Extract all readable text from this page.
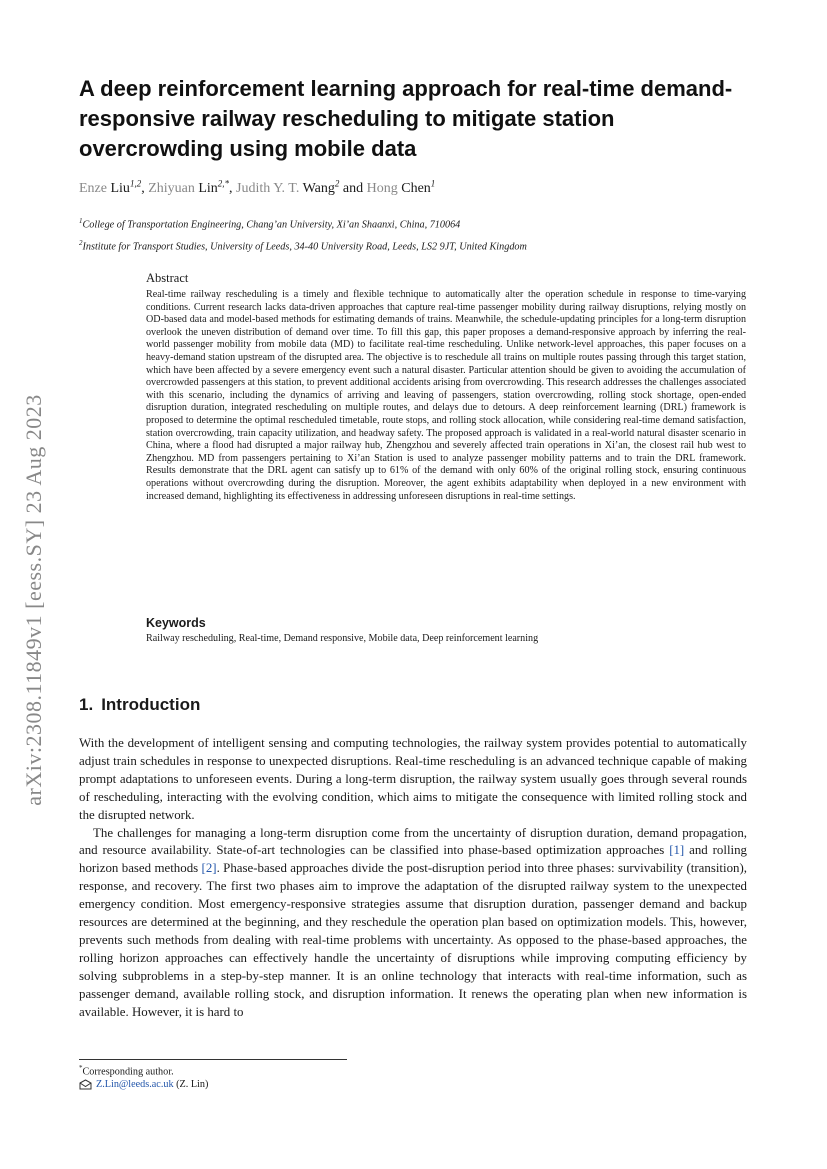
arXiv:2308.11849v1 [eess.SY] 23 Aug 2023
A deep reinforcement learning approach for real-time demand-responsive railway rescheduling to mitigate station overcrowding using mobile data
Enze Liu$^{1,2}$, Zhiyuan Lin$^{2,*}$, Judith Y. T. Wang$^2$ and Hong Chen$^1$
$^1$College of Transportation Engineering, Chang’an University, Xi’an Shaanxi, China, 710064
$^2$Institute for Transport Studies, University of Leeds, 34-40 University Road, Leeds, LS2 9JT, United Kingdom
Abstract

Real-time railway rescheduling is a timely and flexible technique to automatically alter the operation schedule in response to time-varying conditions. Current research lacks data-driven approaches that capture real-time passenger mobility during railway disruptions, relying mostly on OD-based data and model-based methods for estimating demands of trains. Meanwhile, the schedule-updating principles for a long-term disruption overlook the uneven distribution of demand over time. To fill this gap, this paper proposes a demand-responsive approach by inferring the real-world passenger mobility from mobile data (MD) to facilitate real-time rescheduling. Unlike network-level approaches, this paper focuses on a heavy-demand station upstream of the disrupted area. The objective is to reschedule all trains on multiple routes passing through this target station, which have been affected by a severe emergency event such a natural disaster. Particular attention should be given to avoiding the accumulation of overcrowded passengers at this station, to prevent additional accidents arising from overcrowding. This research addresses the challenges associated with this scenario, including the dynamics of arriving and leaving of passengers, station overcrowding, rolling stock shortage, open-ended disruption duration, integrated rescheduling on multiple routes, and delays due to detours. A deep reinforcement learning (DRL) framework is proposed to determine the optimal rescheduled timetable, route stops, and rolling stock allocation, while considering real-time demand satisfaction, station overcrowding, train capacity utilization, and headway safety. The proposed approach is validated in a real-world natural disaster scenario in China, where a flood had disrupted a major railway hub, Zhengzhou and severely affected train operations in Xi’an, the closest rail hub west to Zhengzhou. MD from passengers pertaining to Xi’an Station is used to analyze passenger mobility patterns and to train the DRL framework. Results demonstrate that the DRL agent can satisfy up to 61% of the demand with only 60% of the original rolling stock, ensuring continuous operations without overcrowding during the disruption. Moreover, the agent exhibits adaptability when deployed in a new environment with increased demand, highlighting its effectiveness in addressing unforeseen disruptions in real-time settings.

Keywords
Railway rescheduling, Real-time, Demand responsive, Mobile data, Deep reinforcement learning
1. Introduction

With the development of intelligent sensing and computing technologies, the railway system provides potential to automatically adjust train schedules in response to unexpected disruptions. Real-time rescheduling is an advanced technique capable of making prompt adaptations to unforeseen events. During a long-term disruption, the railway system usually goes through several rounds of rescheduling, interacting with the evolving condition, which aims to mitigate the consequence with limited rolling stock and the disrupted network.

The challenges for managing a long-term disruption come from the uncertainty of disruption duration, demand propagation, and resource availability. State-of-art technologies can be classified into phase-based optimization approaches [1] and rolling horizon based methods [2]. Phase-based approaches divide the post-disruption period into three phases: survivability (transition), response, and recovery. The first two phases aim to improve the adaptation of the disrupted railway system to the unexpected emergency condition. Most emergency-responsive strategies assume that disruption duration, passenger demand and backup resources are determined at the beginning, and they reschedule the operation plan based on optimization models. This, however, prevents such methods from dealing with real-time problems with uncertainty. As opposed to the phase-based approaches, the rolling horizon approaches can effectively handle the uncertainty of disruptions while improving computing efficiency by solving subproblems in a step-by-step manner. It is an online technology that interacts with real-time information, such as passenger demand, available rolling stock, and disruption information. It renews the operating plan when new information is available. However, it is hard to

*Corresponding author.
Z.Lin@leeds.ac.uk (Z. Lin)
